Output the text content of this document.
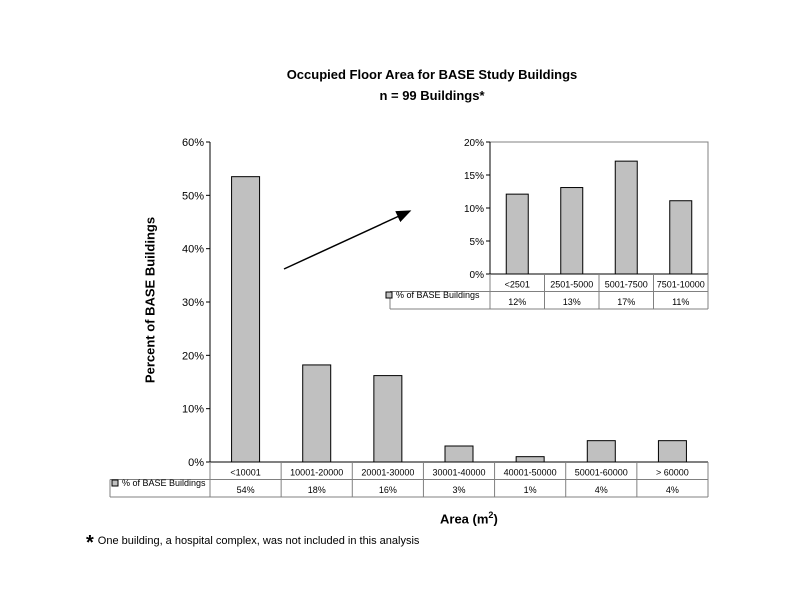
Occupied Floor Area for BASE Study Buildings
n = 99 Buildings*
Percent of BASE Buildings
Area $(m^2)$
* One building, a hospital complex, was not included in this analysis
0%
10%
20%
30%
40%
50%
60%
<10001
54%
10001-20000
18%
20001-30000
16%
30001-40000
3%
40001-50000
1%
50001-60000
4%
> 60000
4%
% of BASE Buildings
0%
5%
10%
15%
20%
<2501
12%
2501-5000
13%
5001-7500
17%
7501-10000
11%
% of BASE Buildings
